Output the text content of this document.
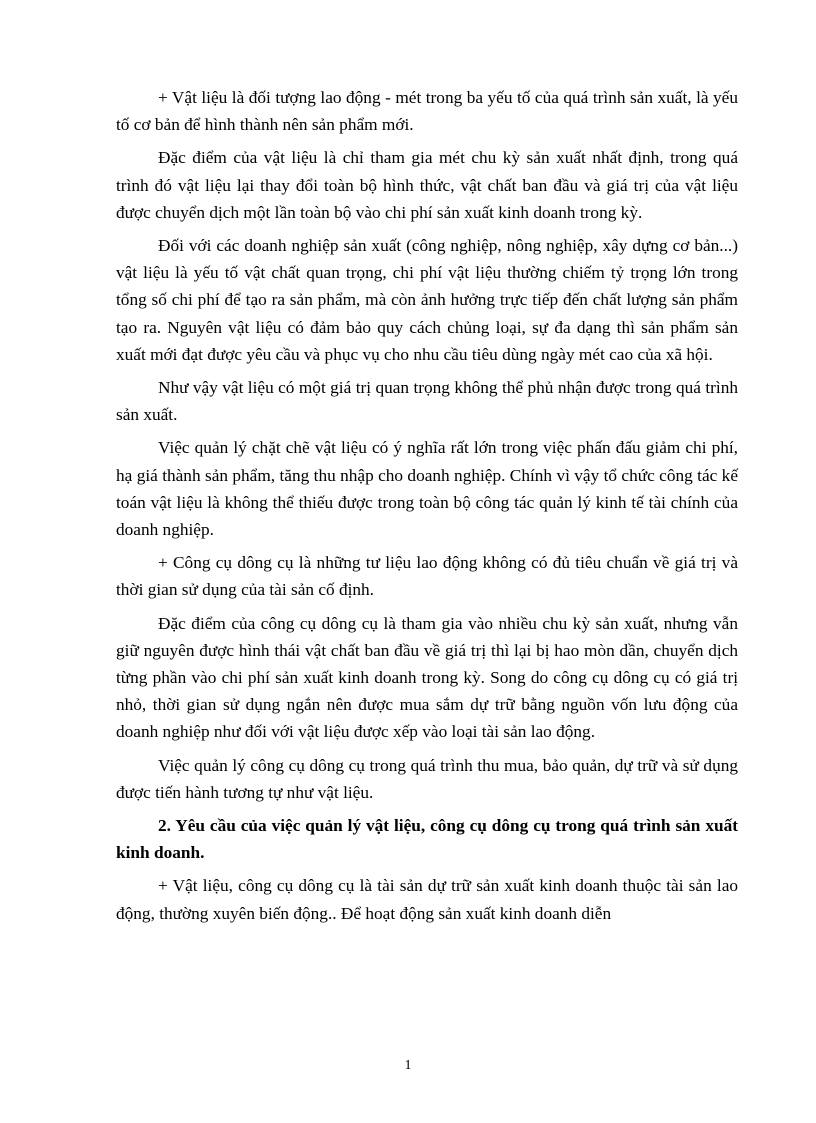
+ Vật liệu là đối tượng lao động - mét trong ba yếu tố của quá trình sản xuất, là yếu tố cơ bản để hình thành nên sản phẩm mới.

Đặc điểm của vật liệu là chỉ tham gia mét chu kỳ sản xuất nhất định, trong quá trình đó vật liệu lại thay đổi toàn bộ hình thức, vật chất ban đầu và giá trị của vật liệu được chuyển dịch một lần toàn bộ vào chi phí sản xuất kinh doanh trong kỳ.

Đối với các doanh nghiệp sản xuất (công nghiệp, nông nghiệp, xây dựng cơ bản...) vật liệu là yếu tố vật chất quan trọng, chi phí vật liệu thường chiếm tỷ trọng lớn trong tổng số chi phí để tạo ra sản phẩm, mà còn ảnh hưởng trực tiếp đến chất lượng sản phẩm tạo ra. Nguyên vật liệu có đảm bảo quy cách chủng loại, sự đa dạng thì sản phẩm sản xuất mới đạt được yêu cầu và phục vụ cho nhu cầu tiêu dùng ngày mét cao của xã hội.

Như vậy vật liệu có một giá trị quan trọng không thể phủ nhận được trong quá trình sản xuất.

Việc quản lý chặt chẽ vật liệu có ý nghĩa rất lớn trong việc phấn đấu giảm chi phí, hạ giá thành sản phẩm, tăng thu nhập cho doanh nghiệp. Chính vì vậy tổ chức công tác kế toán vật liệu là không thể thiếu được trong toàn bộ công tác quản lý kinh tế tài chính của doanh nghiệp.

+ Công cụ dông cụ là những tư liệu lao động không có đủ tiêu chuẩn về giá trị và thời gian sử dụng của tài sản cố định.

Đặc điểm của công cụ dông cụ là tham gia vào nhiều chu kỳ sản xuất, nhưng vẫn giữ nguyên được hình thái vật chất ban đầu về giá trị thì lại bị hao mòn dần, chuyển dịch từng phần vào chi phí sản xuất kinh doanh trong kỳ. Song do công cụ dông cụ có giá trị nhỏ, thời gian sử dụng ngắn nên được mua sắm dự trữ bằng nguồn vốn lưu động của doanh nghiệp như đối với vật liệu được xếp vào loại tài sản lao động.

Việc quản lý công cụ dông cụ trong quá trình thu mua, bảo quản, dự trữ và sử dụng được tiến hành tương tự như vật liệu.

2. Yêu cầu của việc quản lý vật liệu, công cụ dông cụ trong quá trình sản xuất kinh doanh.

+ Vật liệu, công cụ dông cụ là tài sản dự trữ sản xuất kinh doanh thuộc tài sản lao động, thường xuyên biến động.. Để hoạt động sản xuất kinh doanh diễn

1
